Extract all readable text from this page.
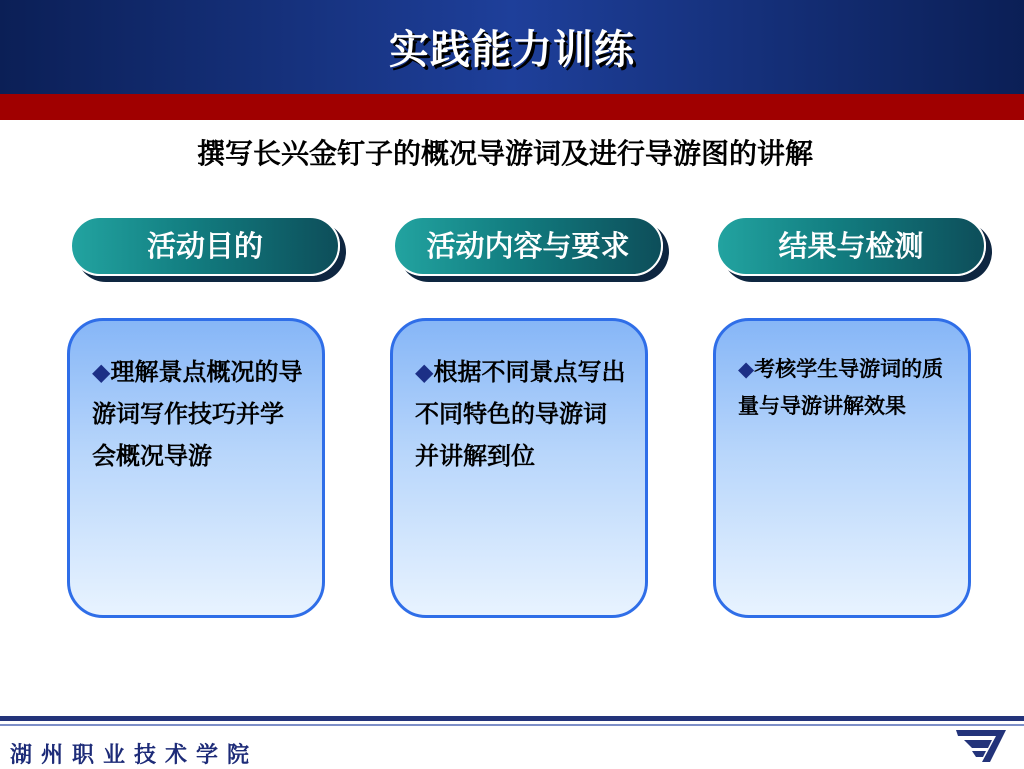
实践能力训练
撰写长兴金钉子的概况导游词及进行导游图的讲解
活动目的	活动内容与要求	结果与检测
◆理解景点概况的导游词写作技巧并学会概况导游
◆根据不同景点写出不同特色的导游词并讲解到位
◆考核学生导游词的质量与导游讲解效果
湖州职业技术学院
